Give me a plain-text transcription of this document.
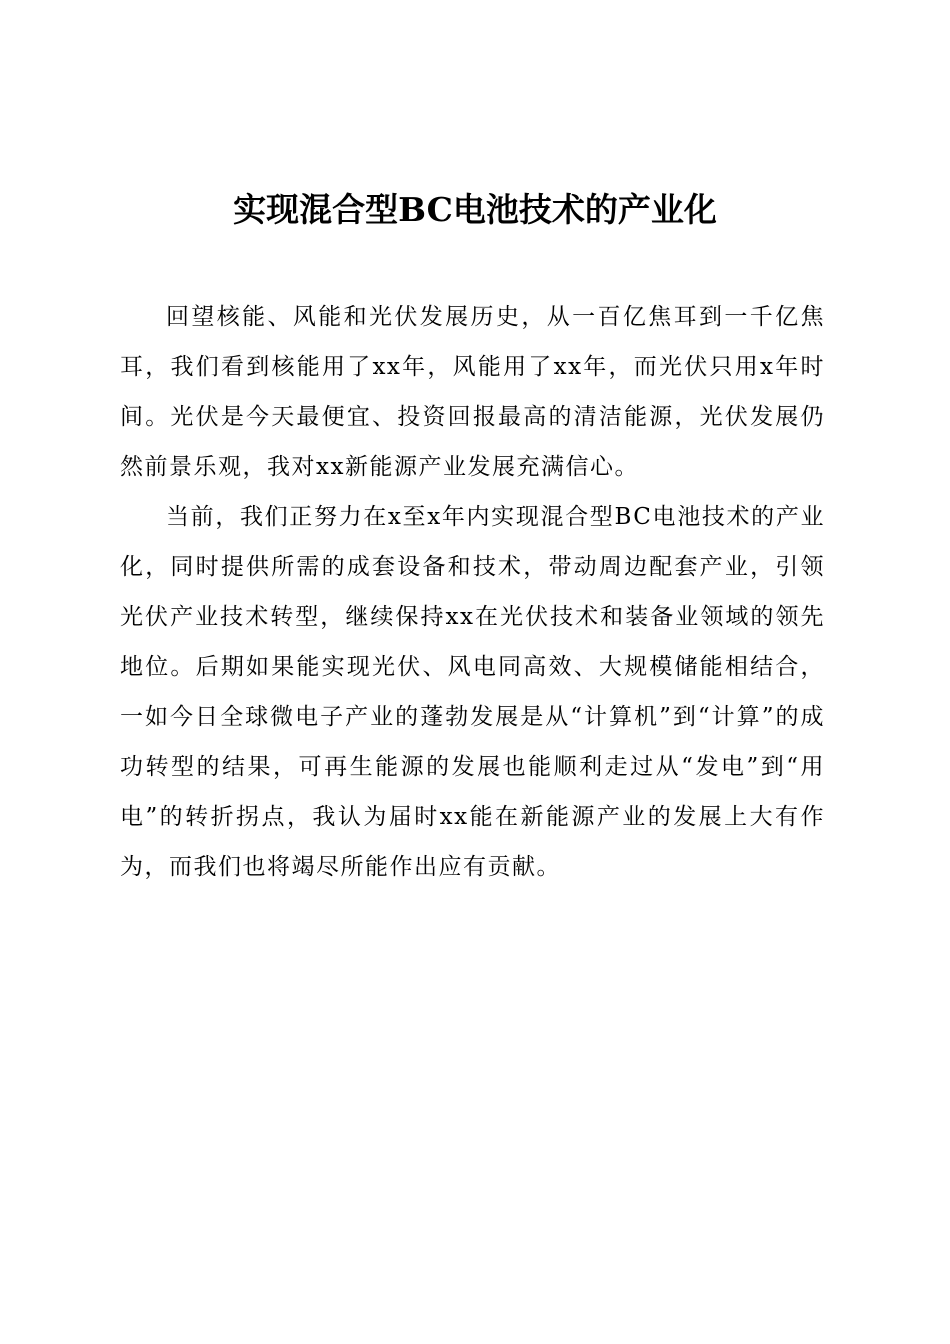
实现混合型BC电池技术的产业化

回望核能、风能和光伏发展历史，从一百亿焦耳到一千亿焦耳，我们看到核能用了xx年，风能用了xx年，而光伏只用x年时间。光伏是今天最便宜、投资回报最高的清洁能源，光伏发展仍然前景乐观，我对xx新能源产业发展充满信心。

当前，我们正努力在x至x年内实现混合型BC电池技术的产业化，同时提供所需的成套设备和技术，带动周边配套产业，引领光伏产业技术转型，继续保持xx在光伏技术和装备业领域的领先地位。后期如果能实现光伏、风电同高效、大规模储能相结合，一如今日全球微电子产业的蓬勃发展是从“计算机”到“计算”的成功转型的结果，可再生能源的发展也能顺利走过从“发电”到“用电”的转折拐点，我认为届时xx能在新能源产业的发展上大有作为，而我们也将竭尽所能作出应有贡献。
